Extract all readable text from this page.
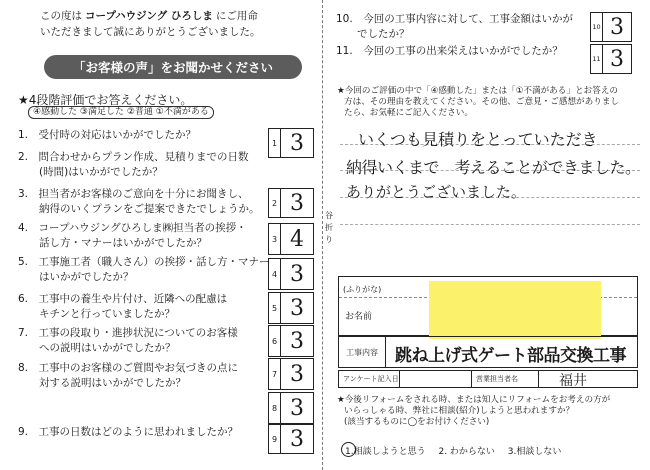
この度は コープハウジング ひろしま にご用命
いただきまして誠にありがとうございました。
「お客様の声」をお聞かせください
★4段階評価でお答えください。
④感動した ③満足した ②普通 ①不満がある
1.　受付時の対応はいかがでしたか？
1 3
2.　問合わせからプラン作成、見積りまでの日数
　　(時間)はいかがでしたか？
2 3
3.　担当者がお客様のご意向を十分にお聞きし、
　　納得のいくプランをご提案できたでしょうか。
3 4
4.　コープハウジングひろしま㈱担当者の挨拶・
　　話し方・マナーはいかがでしたか？
4 3
5.　工事施工者（職人さん）の挨拶・話し方・マナー
　　はいかがでしたか？
5 3
6.　工事中の養生や片付け、近隣への配慮は
　　キチンと行っていましたか？
6 3
7.　工事の段取り・進捗状況についてのお客様
　　への説明はいかがでしたか？
7 3
8.　工事中のお客様のご質問やお気づきの点に
　　対する説明はいかがでしたか？
8 3
9.　工事の日数はどのように思われましたか？
9 3
谷折り
10.　今回の工事内容に対して、工事金額はいかが
　　でしたか？
10 3
11.　今回の工事の出来栄えはいかがでしたか？
11 3
★今回のご評価の中で「④感動した」または「①不満がある」とお答えの
方は、その理由を教えてください。その他、ご意見・ご感想がありまし
たら、お気軽にご記入ください。
いくつも見積りをとっていただき
納得いくまで　考えることができました。
ありがとうございました。
(ふりがな)
お名前
工事内容 跳ね上げ式ゲート部品交換工事
アンケート記入日	営業担当者名	福井
★今後リフォームをされる時、または知人にリフォームをお考えの方が
いらっしゃる時、弊社に相談(紹介)しようと思われますか？
(該当するものに◯をお付けください)
1.相談しようと思う 2. わからない 3.相談しない
